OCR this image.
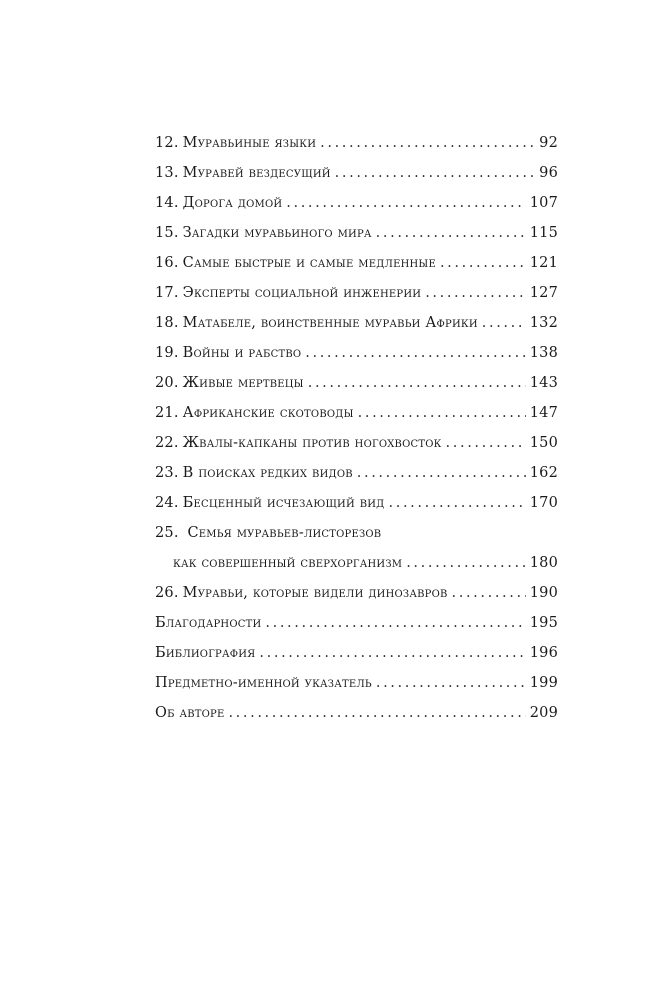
12. Муравьиные языки . . .	92
13. Муравей вездесущий . . .	96
14. Дорога домой . . .	107
15. Загадки муравьиного мира . . .	115
16. Самые быстрые и самые медленные . . .	121
17. Эксперты социальной инженерии . . .	127
18. Матабеле, воинственные муравьи Африки . . .	132
19. Войны и рабство . . .	138
20. Живые мертвецы . . .	143
21. Африканские скотоводы . . .	147
22. Жвалы-капканы против ногохвосток . . .	150
23. В поисках редких видов . . .	162
24. Бесценный исчезающий вид . . .	170
25. Семья муравьев-листорезов
как совершенный сверхорганизм . . .	180
26. Муравьи, которые видели динозавров . . .	190
Благодарности . . .	195
Библиография . . .	196
Предметно-именной указатель . . .	199
Об авторе . . .	209
